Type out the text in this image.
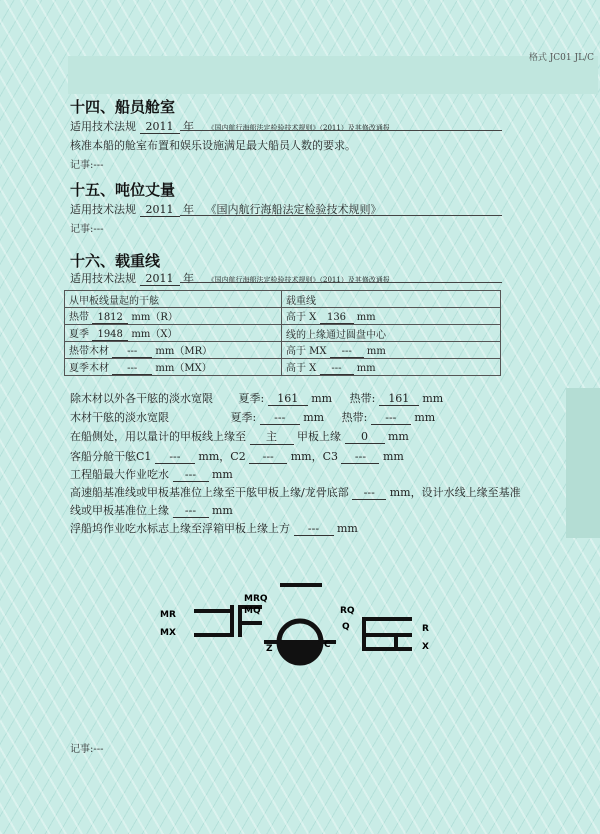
格式 JC01 JL/C
十四、船员舱室
适用技术法规 2011 年 《国内航行海船法定检验技术规则》（2011）及其修改通报
核准本船的舱室布置和娱乐设施满足最大船员人数的要求。
记事:---
十五、吨位丈量
适用技术法规 2011 年 《国内航行海船法定检验技术规则》
记事:---
十六、载重线
适用技术法规 2011 年 《国内航行海船法定检验技术规则》（2011）及其修改通报
从甲板线量起的干舷	载重线
热带 1812 mm（R）	高于 X 136 mm
夏季 1948 mm（X）	线的上缘通过圆盘中心
热带木材 --- mm（MR）	高于 MX --- mm
夏季木材 --- mm（MX）	高于 X --- mm
除木材以外各干舷的淡水宽限 夏季: 161 mm 热带: 161 mm
木材干舷的淡水宽限	夏季: --- mm 热带: --- mm
在船侧处，用以量计的甲板线上缘至 主 甲板上缘 0 mm
客船分舱干舷C1 --- mm，C2 --- mm，C3 --- mm
工程船最大作业吃水 --- mm
高速船基准线或甲板基准位上缘至干舷甲板上缘/龙骨底部 --- mm，设计水线上缘至基准
线或甲板基准位上缘 --- mm
浮船坞作业吃水标志上缘至浮箱甲板上缘上方 --- mm
MR
MX
MRQ
MQ	RQ
Q	R
X
Z	C
记事:---
